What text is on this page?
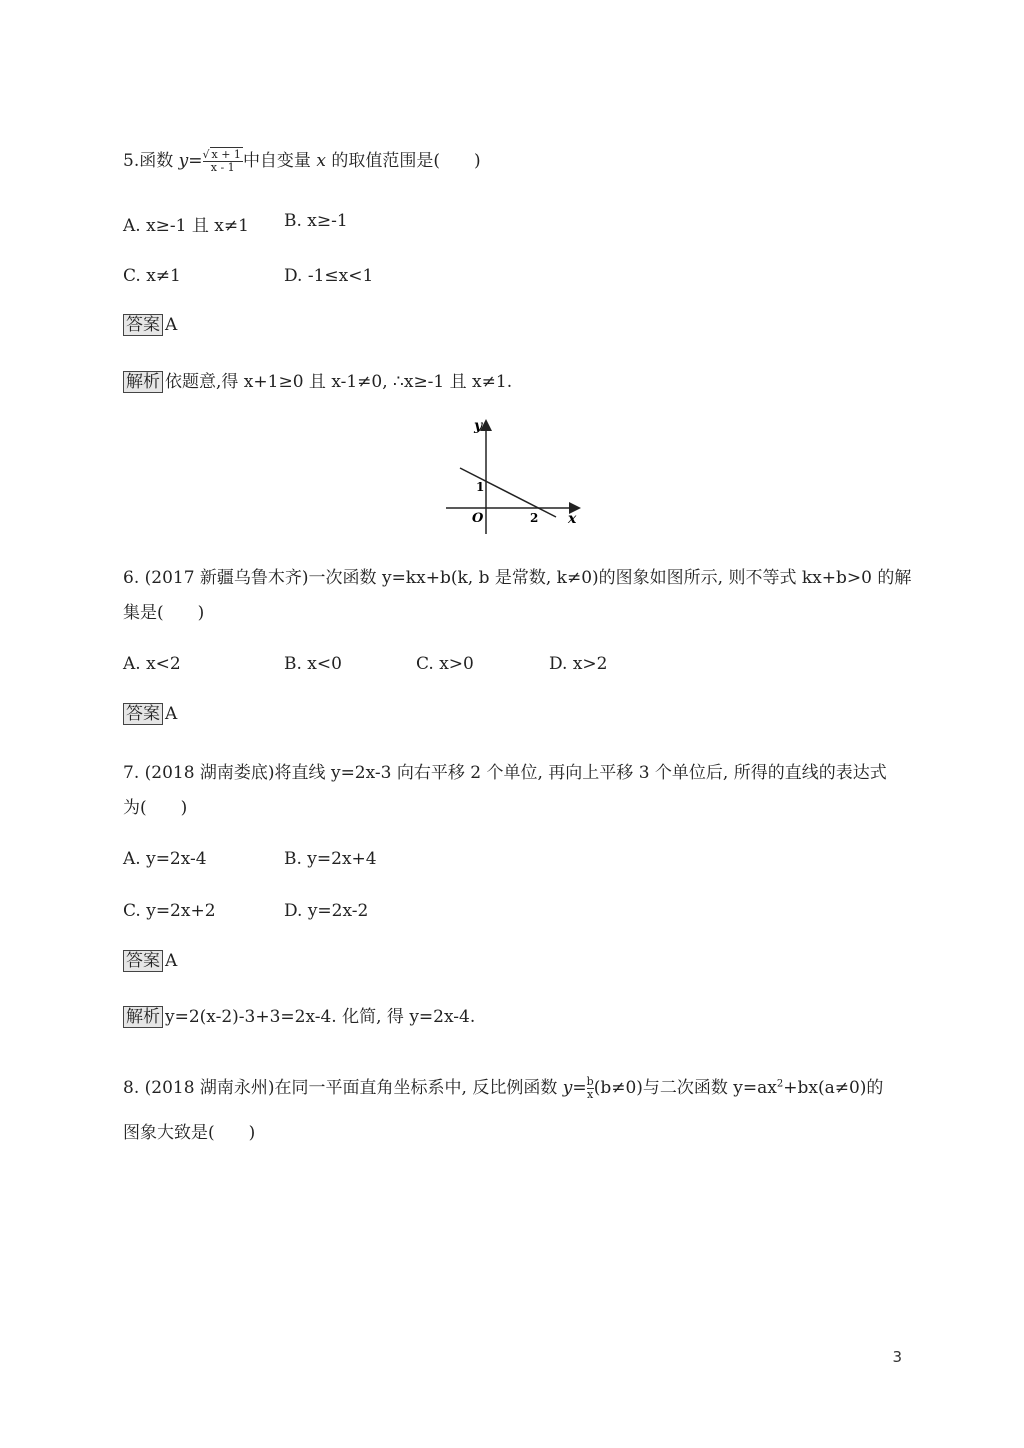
5.函数 $y= \frac{√ x + 1}{x - 1}$ 中自变量 x 的取值范围是(　　)
A. x≥-1 且 x≠1 B. x≥-1
C. x≠1	D. -1≤x<1
答案 A
解析 依题意,得 x+1≥0 且 x-1≠0, ∴x≥-1 且 x≠1.
y
x
O
1
2
6. (2017 新疆乌鲁木齐)一次函数 y=kx+b(k, b 是常数, k≠0)的图象如图所示, 则不等式 kx+b>0 的解
集是(　　)
A. x<2	B. x<0	C. x>0	D. x>2
答案 A
7. (2018 湖南娄底)将直线 y=2x-3 向右平移 2 个单位, 再向上平移 3 个单位后, 所得的直线的表达式
为(　　)
A. y=2x-4	B. y=2x+4
C. y=2x+2	D. y=2x-2
答案 A
解析 y=2(x-2)-3+3=2x-4. 化简, 得 y=2x-4.
8. (2018 湖南永州)在同一平面直角坐标系中, 反比例函数 $y= \frac{b}{x} (b\ne 0)$与二次函数 $y=ax^2+bx(a\ne 0)$的
图象大致是(　　)
3
